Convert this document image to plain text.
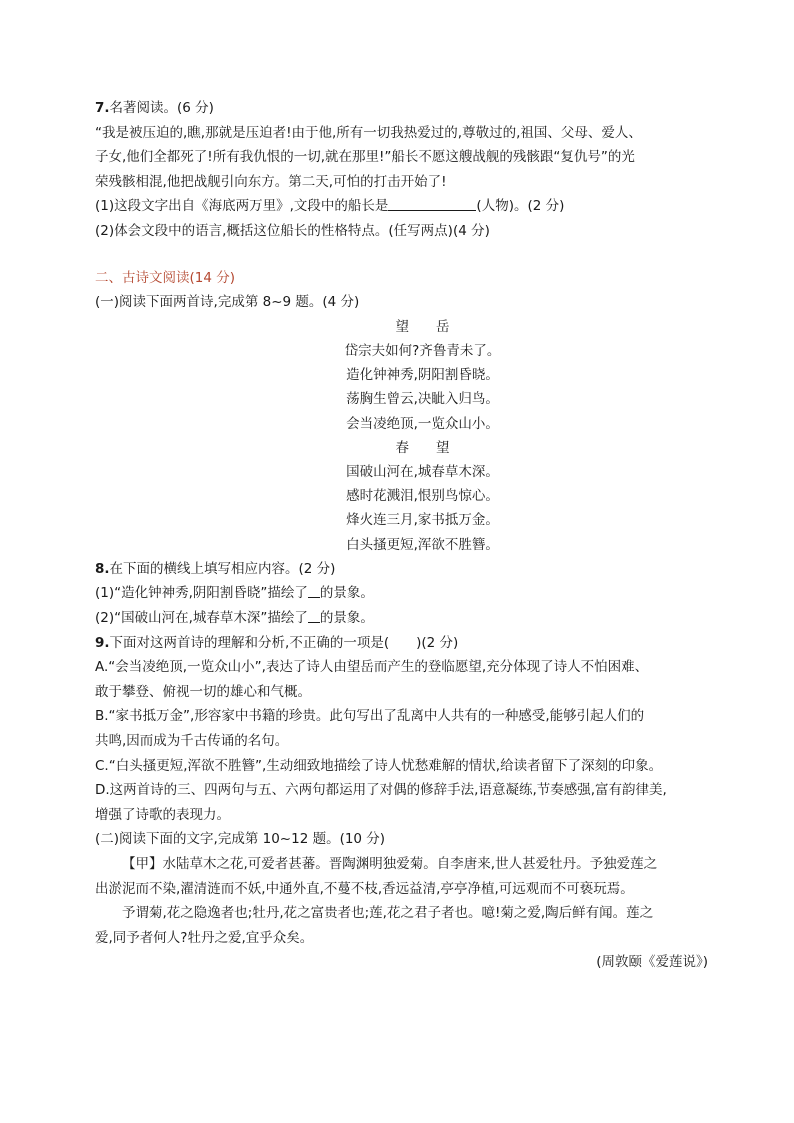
7.名著阅读。(6 分)
“我是被压迫的,瞧,那就是压迫者!由于他,所有一切我热爱过的,尊敬过的,祖国、父母、爱人、
子女,他们全都死了!所有我仇恨的一切,就在那里!”船长不愿这艘战舰的残骸跟“复仇号”的光
荣残骸相混,他把战舰引向东方。第二天,可怕的打击开始了!
(1)这段文字出自《海底两万里》,文段中的船长是	(人物)。(2 分)
(2)体会文段中的语言,概括这位船长的性格特点。(任写两点)(4 分)
二、古诗文阅读(14 分)
(一)阅读下面两首诗,完成第 8~9 题。(4 分)
望　　岳
岱宗夫如何?齐鲁青未了。
造化钟神秀,阴阳割昏晓。
荡胸生曾云,决眦入归鸟。
会当凌绝顶,一览众山小。
春　　望
国破山河在,城春草木深。
感时花溅泪,恨别鸟惊心。
烽火连三月,家书抵万金。
白头搔更短,浑欲不胜簪。
8.在下面的横线上填写相应内容。(2 分)
(1)“造化钟神秀,阴阳割昏晓”描绘了 的景象。
(2)“国破山河在,城春草木深”描绘了 的景象。
9.下面对这两首诗的理解和分析,不正确的一项是(　　)(2 分)
A.“会当凌绝顶,一览众山小”,表达了诗人由望岳而产生的登临愿望,充分体现了诗人不怕困难、
敢于攀登、俯视一切的雄心和气概。
B.“家书抵万金”,形容家中书籍的珍贵。此句写出了乱离中人共有的一种感受,能够引起人们的
共鸣,因而成为千古传诵的名句。
C.“白头搔更短,浑欲不胜簪”,生动细致地描绘了诗人忧愁难解的情状,给读者留下了深刻的印象。
D.这两首诗的三、四两句与五、六两句都运用了对偶的修辞手法,语意凝练,节奏感强,富有韵律美,
增强了诗歌的表现力。
(二)阅读下面的文字,完成第 10~12 题。(10 分)
【甲】水陆草木之花,可爱者甚蕃。晋陶渊明独爱菊。自李唐来,世人甚爱牡丹。予独爱莲之
出淤泥而不染,濯清涟而不妖,中通外直,不蔓不枝,香远益清,亭亭净植,可远观而不可亵玩焉。
予谓菊,花之隐逸者也;牡丹,花之富贵者也;莲,花之君子者也。噫!菊之爱,陶后鲜有闻。莲之
爱,同予者何人?牡丹之爱,宜乎众矣。
(周敦颐《爱莲说》)
